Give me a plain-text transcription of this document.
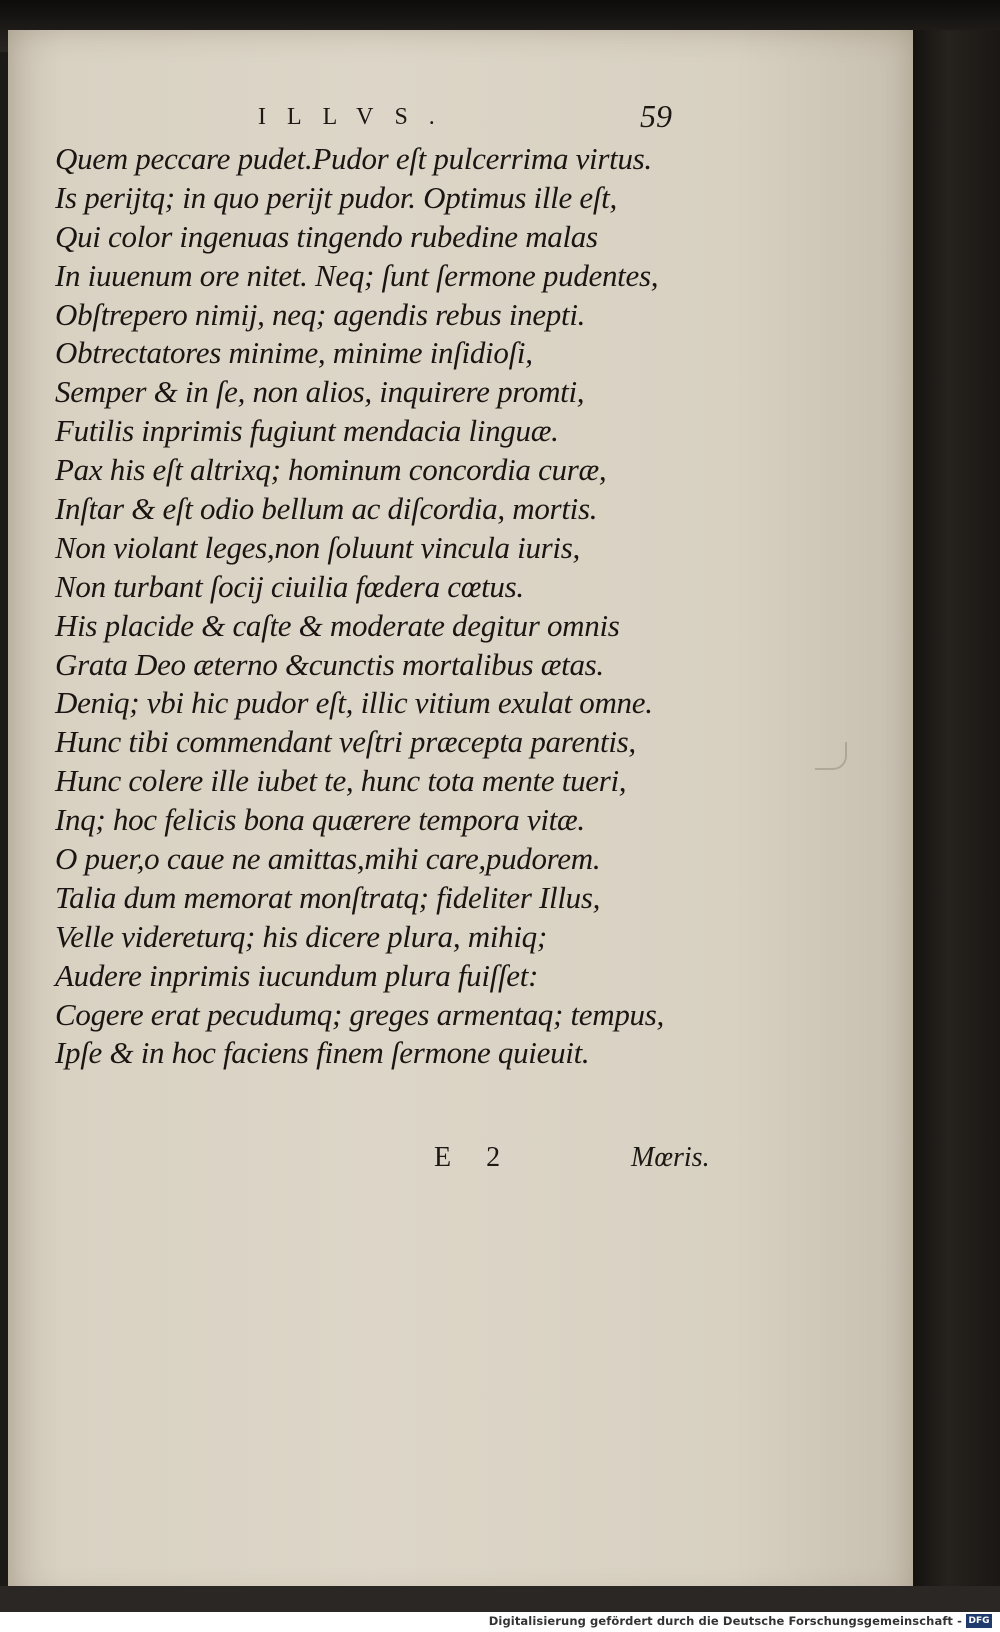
ILLVS.	59
Quem peccare pudet.Pudor eſt pulcerrima virtus.
Is perijtq; in quo perijt pudor. Optimus ille eſt,
Qui color ingenuas tingendo rubedine malas
In iuuenum ore nitet. Neq; ſunt ſermone pudentes,
Obſtrepero nimij, neq; agendis rebus inepti.
Obtrectatores minime, minime inſidioſi,
Semper & in ſe, non alios, inquirere promti,
Futilis inprimis fugiunt mendacia linguæ.
Pax his eſt altrixq; hominum concordia curæ,
Inſtar & eſt odio bellum ac diſcordia, mortis.
Non violant leges,non ſoluunt vincula iuris,
Non turbant ſocij ciuilia fœdera cœtus.
His placide & caſte & moderate degitur omnis
Grata Deo æterno &cunctis mortalibus ætas.
Deniq; vbi hic pudor eſt, illic vitium exulat omne.
Hunc tibi commendant veſtri præcepta parentis,
Hunc colere ille iubet te, hunc tota mente tueri,
Inq; hoc felicis bona quærere tempora vitæ.
O puer,o caue ne amittas,mihi care,pudorem.
Talia dum memorat monſtratq; fideliter Illus,
Velle videreturq; his dicere plura, mihiq;
Audere inprimis iucundum plura fuiſſet:
Cogere erat pecudumq; greges armentaq; tempus,
Ipſe & in hoc faciens finem ſermone quieuit.
E 2	Mœris.
Digitalisierung gefördert durch die Deutsche Forschungsgemeinschaft - DFG
